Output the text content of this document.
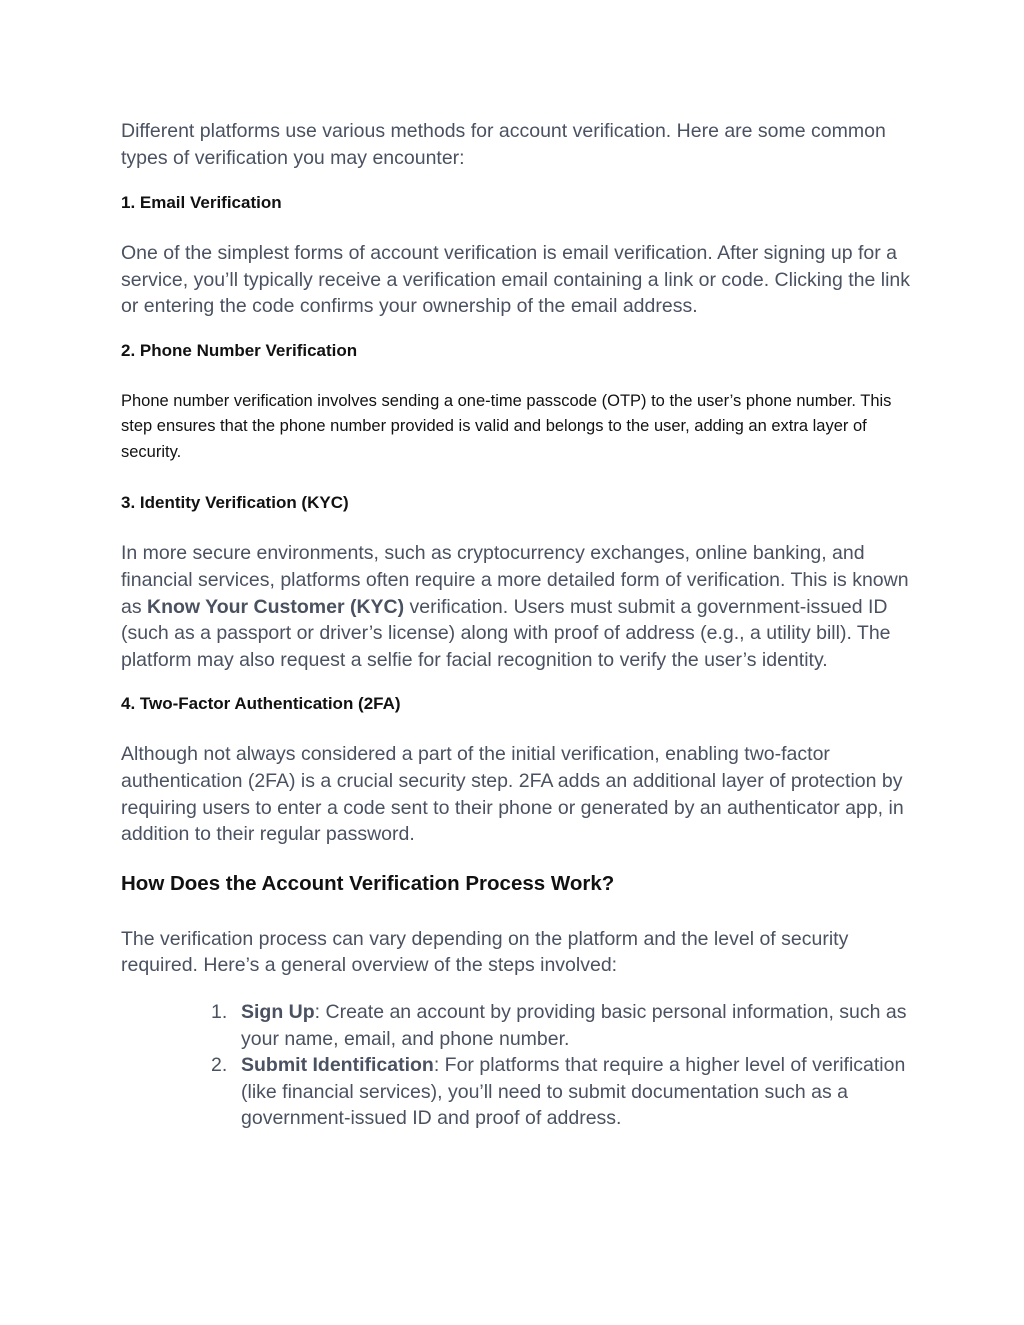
Different platforms use various methods for account verification. Here are some common types of verification you may encounter:

1. Email Verification

One of the simplest forms of account verification is email verification. After signing up for a service, you’ll typically receive a verification email containing a link or code. Clicking the link or entering the code confirms your ownership of the email address.

2. Phone Number Verification

Phone number verification involves sending a one-time passcode (OTP) to the user’s phone number. This step ensures that the phone number provided is valid and belongs to the user, adding an extra layer of security.

3. Identity Verification (KYC)

In more secure environments, such as cryptocurrency exchanges, online banking, and financial services, platforms often require a more detailed form of verification. This is known as Know Your Customer (KYC) verification. Users must submit a government-issued ID (such as a passport or driver’s license) along with proof of address (e.g., a utility bill). The platform may also request a selfie for facial recognition to verify the user’s identity.

4. Two-Factor Authentication (2FA)

Although not always considered a part of the initial verification, enabling two-factor authentication (2FA) is a crucial security step. 2FA adds an additional layer of protection by requiring users to enter a code sent to their phone or generated by an authenticator app, in addition to their regular password.

How Does the Account Verification Process Work?

The verification process can vary depending on the platform and the level of security required. Here’s a general overview of the steps involved:

1. Sign Up: Create an account by providing basic personal information, such as your name, email, and phone number.
2. Submit Identification: For platforms that require a higher level of verification (like financial services), you’ll need to submit documentation such as a government-issued ID and proof of address.
